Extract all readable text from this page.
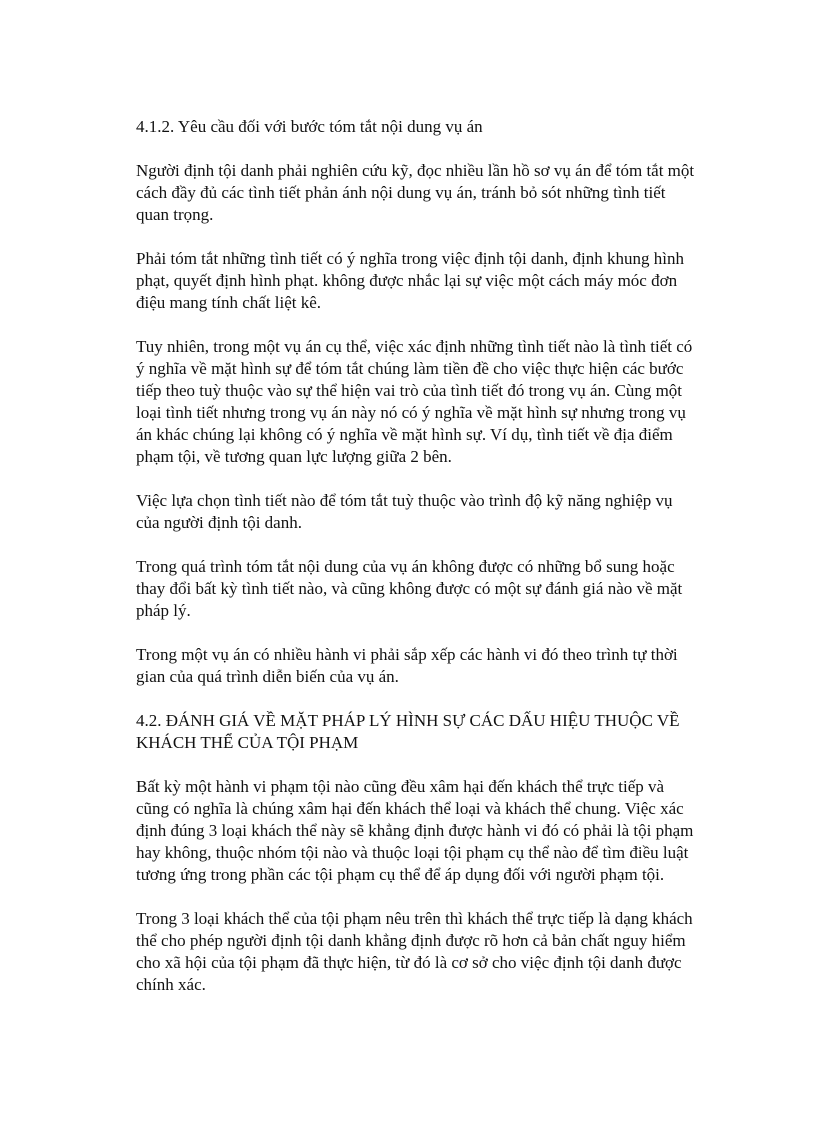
4.1.2. Yêu cầu đối với bước tóm tắt nội dung vụ án

Người định tội danh phải nghiên cứu kỹ, đọc nhiều lần hồ sơ vụ án để tóm tắt một cách đầy đủ các tình tiết phản ánh nội dung vụ án, tránh bỏ sót những tình tiết quan trọng.

Phải tóm tắt những tình tiết có ý nghĩa trong việc định tội danh, định khung hình phạt, quyết định hình phạt. không được nhắc lại sự việc một cách máy móc đơn điệu mang tính chất liệt kê.

Tuy nhiên, trong một vụ án cụ thể, việc xác định những tình tiết nào là tình tiết có ý nghĩa về mặt hình sự để tóm tắt chúng làm tiền đề cho việc thực hiện các bước tiếp theo tuỳ thuộc vào sự thể hiện vai trò của tình tiết đó trong vụ án. Cùng một loại tình tiết nhưng trong vụ án này nó có ý nghĩa về mặt hình sự nhưng trong vụ án khác chúng lại không có ý nghĩa về mặt hình sự. Ví dụ, tình tiết về địa điểm phạm tội, về tương quan lực lượng giữa 2 bên.

Việc lựa chọn tình tiết nào để tóm tắt tuỳ thuộc vào trình độ kỹ năng nghiệp vụ của người định tội danh.

Trong quá trình tóm tắt nội dung của vụ án không được có những bổ sung hoặc thay đổi bất kỳ tình tiết nào, và cũng không được có một sự đánh giá nào về mặt pháp lý.

Trong một vụ án có nhiều hành vi phải sắp xếp các hành vi đó theo trình tự thời gian của quá trình diễn biến của vụ án.

4.2. ĐÁNH GIÁ VỀ MẶT PHÁP LÝ HÌNH SỰ CÁC DẤU HIỆU THUỘC VỀ KHÁCH THỂ CỦA TỘI PHẠM

Bất kỳ một hành vi phạm tội nào cũng đều xâm hại đến khách thể trực tiếp và cũng có nghĩa là chúng xâm hại đến khách thể loại và khách thể chung. Việc xác định đúng 3 loại khách thể này sẽ khẳng định được hành vi đó có phải là tội phạm hay không, thuộc nhóm tội nào và thuộc loại tội phạm cụ thể nào để tìm điều luật tương ứng trong phần các tội phạm cụ thể để áp dụng đối với người phạm tội.

Trong 3 loại khách thể của tội phạm nêu trên thì khách thể trực tiếp là dạng khách thể cho phép người định tội danh khẳng định được rõ hơn cả bản chất nguy hiểm cho xã hội của tội phạm đã thực hiện, từ đó là cơ sở cho việc định tội danh được chính xác.
